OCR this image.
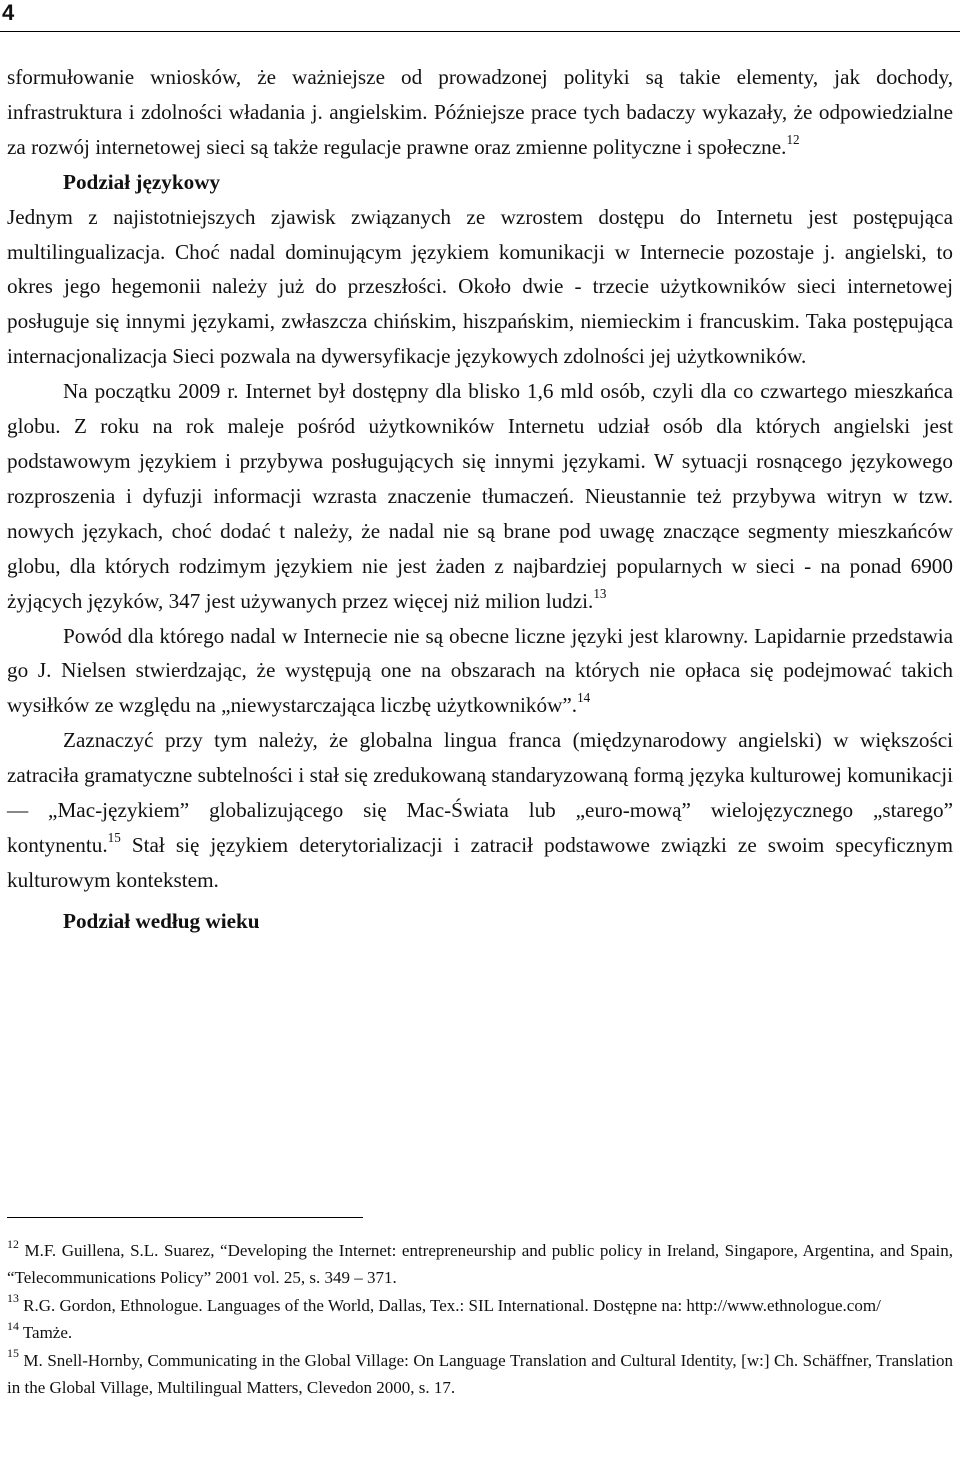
4

sformułowanie wniosków, że ważniejsze od prowadzonej polityki są takie elementy, jak dochody, infrastruktura i zdolności władania j. angielskim. Późniejsze prace tych badaczy wykazały, że odpowiedzialne za rozwój internetowej sieci są także regulacje prawne oraz zmienne polityczne i społeczne.$^{12}$

Podział językowy

Jednym z najistotniejszych zjawisk związanych ze wzrostem dostępu do Internetu jest postępująca multilingualizacja. Choć nadal dominującym językiem komunikacji w Internecie pozostaje j. angielski, to okres jego hegemonii należy już do przeszłości. Około dwie - trzecie użytkowników sieci internetowej posługuje się innymi językami, zwłaszcza chińskim, hiszpańskim, niemieckim i francuskim. Taka postępująca internacjonalizacja Sieci pozwala na dywersyfikacje językowych zdolności jej użytkowników.

Na początku 2009 r. Internet był dostępny dla blisko 1,6 mld osób, czyli dla co czwartego mieszkańca globu. Z roku na rok maleje pośród użytkowników Internetu udział osób dla których angielski jest podstawowym językiem i przybywa posługujących się innymi językami. W sytuacji rosnącego językowego rozproszenia i dyfuzji informacji wzrasta znaczenie tłumaczeń. Nieustannie też przybywa witryn w tzw. nowych językach, choć dodać t należy, że nadal nie są brane pod uwagę znaczące segmenty mieszkańców globu, dla których rodzimym językiem nie jest żaden z najbardziej popularnych w sieci - na ponad 6900 żyjących języków, 347 jest używanych przez więcej niż milion ludzi.$^{13}$

Powód dla którego nadal w Internecie nie są obecne liczne języki jest klarowny. Lapidarnie przedstawia go J. Nielsen stwierdzając, że występują one na obszarach na których nie opłaca się podejmować takich wysiłków ze względu na „niewystarczająca liczbę użytkowników”.$^{14}$

Zaznaczyć przy tym należy, że globalna lingua franca (międzynarodowy angielski) w większości zatraciła gramatyczne subtelności i stał się zredukowaną standaryzowaną formą języka kulturowej komunikacji — „Mac-językiem” globalizującego się Mac-Świata lub „euro-mową” wielojęzycznego „starego” kontynentu.$^{15}$ Stał się językiem deterytorializacji i zatracił podstawowe związki ze swoim specyficznym kulturowym kontekstem.

Podział według wieku

$^{12}$ M.F. Guillena, S.L. Suarez, “Developing the Internet: entrepreneurship and public policy in Ireland, Singapore, Argentina, and Spain, “Telecommunications Policy” 2001 vol. 25, s. 349 – 371.

$^{13}$ R.G. Gordon, Ethnologue. Languages of the World, Dallas, Tex.: SIL International. Dostępne na: http://www.ethnologue.com/

$^{14}$ Tamże.

$^{15}$ M. Snell-Hornby, Communicating in the Global Village: On Language Translation and Cultural Identity, [w:] Ch. Schäffner, Translation in the Global Village, Multilingual Matters, Clevedon 2000, s. 17.
